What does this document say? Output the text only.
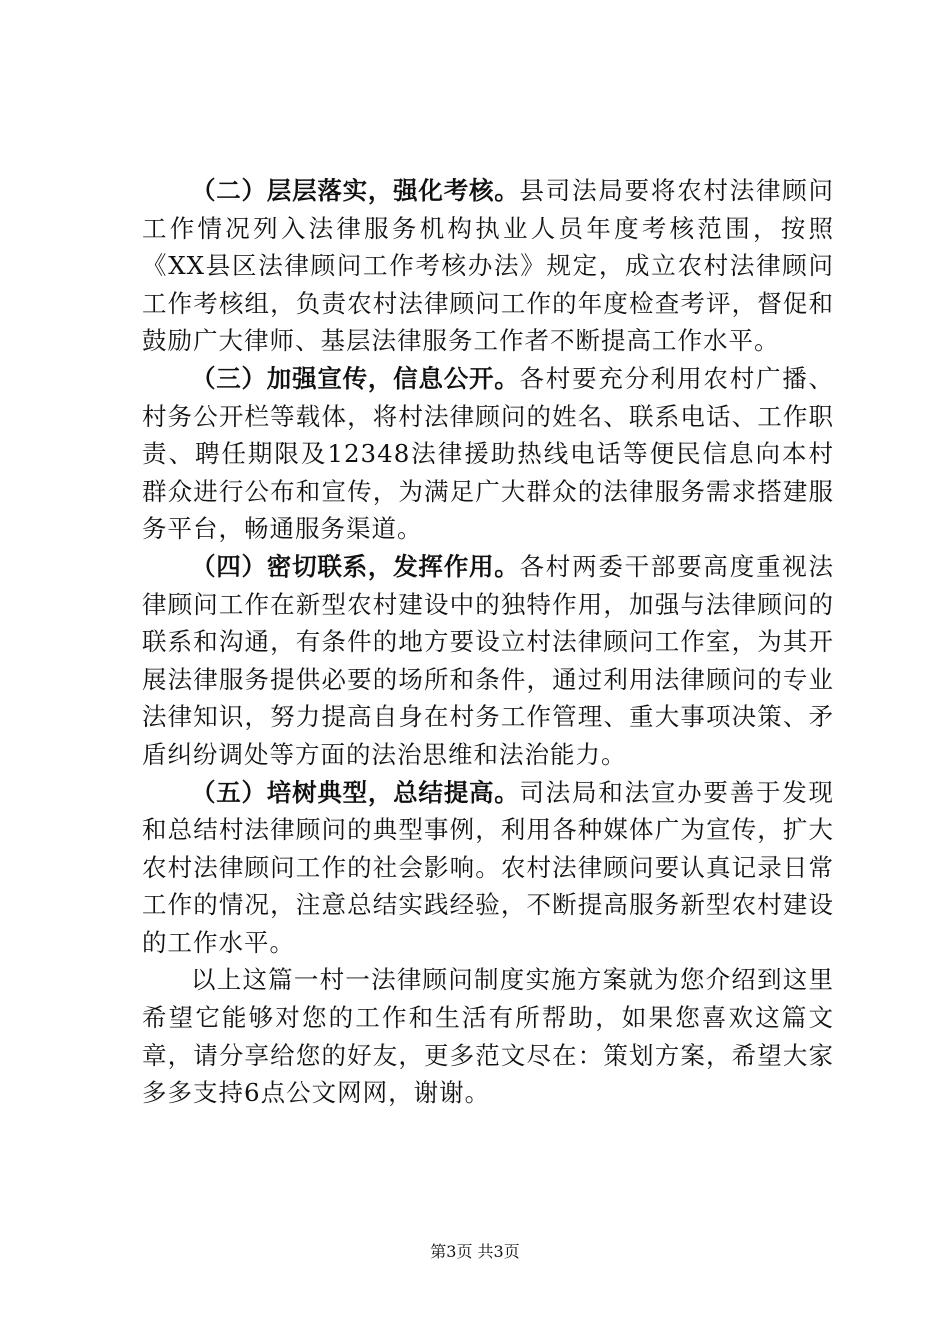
（二）层层落实，强化考核。县司法局要将农村法律顾问工作情况列入法律服务机构执业人员年度考核范围，按照《XX县区法律顾问工作考核办法》规定，成立农村法律顾问工作考核组，负责农村法律顾问工作的年度检查考评，督促和鼓励广大律师、基层法律服务工作者不断提高工作水平。

（三）加强宣传，信息公开。各村要充分利用农村广播、村务公开栏等载体，将村法律顾问的姓名、联系电话、工作职责、聘任期限及12348法律援助热线电话等便民信息向本村群众进行公布和宣传，为满足广大群众的法律服务需求搭建服务平台，畅通服务渠道。

（四）密切联系，发挥作用。各村两委干部要高度重视法律顾问工作在新型农村建设中的独特作用，加强与法律顾问的联系和沟通，有条件的地方要设立村法律顾问工作室，为其开展法律服务提供必要的场所和条件，通过利用法律顾问的专业法律知识，努力提高自身在村务工作管理、重大事项决策、矛盾纠纷调处等方面的法治思维和法治能力。

（五）培树典型，总结提高。司法局和法宣办要善于发现和总结村法律顾问的典型事例，利用各种媒体广为宣传，扩大农村法律顾问工作的社会影响。农村法律顾问要认真记录日常工作的情况，注意总结实践经验，不断提高服务新型农村建设的工作水平。

以上这篇一村一法律顾问制度实施方案就为您介绍到这里希望它能够对您的工作和生活有所帮助，如果您喜欢这篇文章，请分享给您的好友，更多范文尽在：策划方案，希望大家多多支持6点公文网网，谢谢。

第3页 共3页
